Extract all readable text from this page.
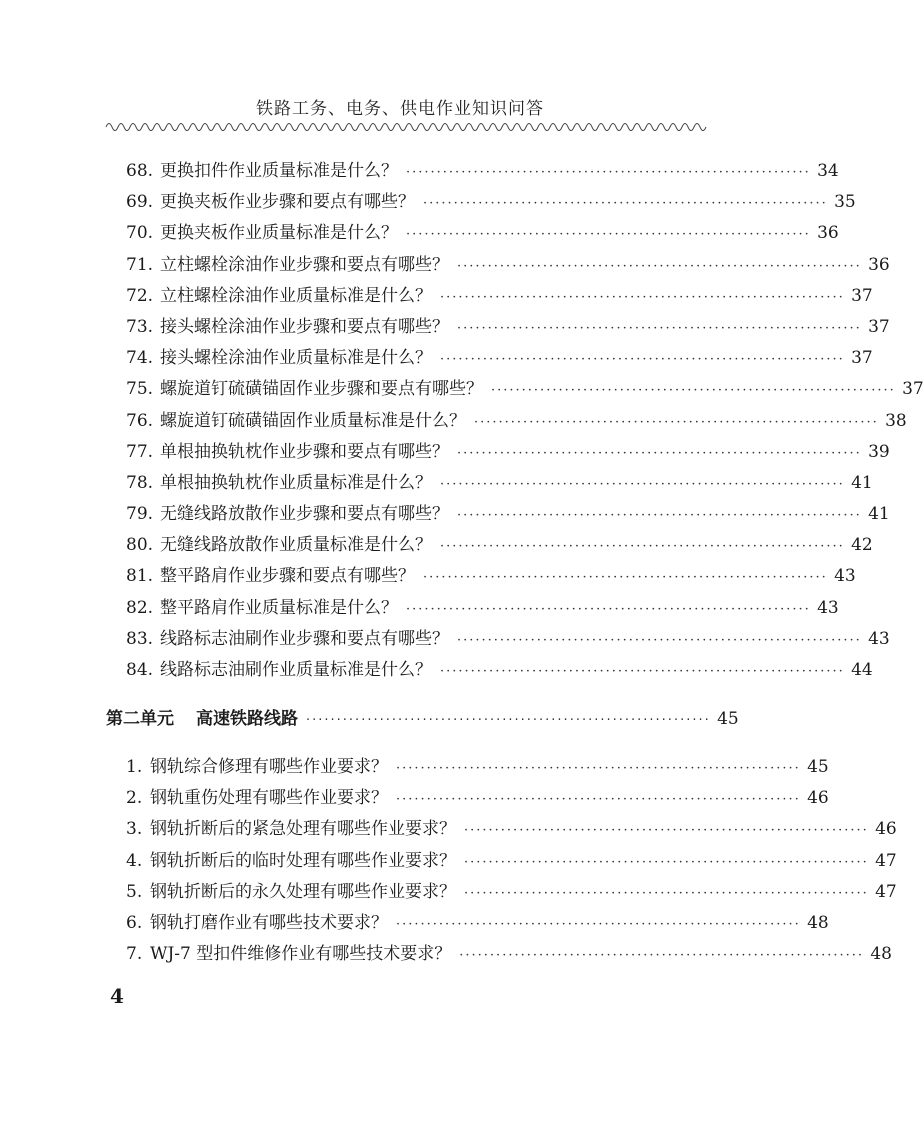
铁路工务、电务、供电作业知识问答
68. 更换扣件作业质量标准是什么？ ·································································· 34
69. 更换夹板作业步骤和要点有哪些？ ·································································· 35
70. 更换夹板作业质量标准是什么？ ·································································· 36
71. 立柱螺栓涂油作业步骤和要点有哪些？ ·································································· 36
72. 立柱螺栓涂油作业质量标准是什么？ ·································································· 37
73. 接头螺栓涂油作业步骤和要点有哪些？ ·································································· 37
74. 接头螺栓涂油作业质量标准是什么？ ·································································· 37
75. 螺旋道钉硫磺锚固作业步骤和要点有哪些？ ·································································· 37
76. 螺旋道钉硫磺锚固作业质量标准是什么？ ·································································· 38
77. 单根抽换轨枕作业步骤和要点有哪些？ ·································································· 39
78. 单根抽换轨枕作业质量标准是什么？ ·································································· 41
79. 无缝线路放散作业步骤和要点有哪些？ ·································································· 41
80. 无缝线路放散作业质量标准是什么？ ·································································· 42
81. 整平路肩作业步骤和要点有哪些？ ·································································· 43
82. 整平路肩作业质量标准是什么？ ·································································· 43
83. 线路标志油刷作业步骤和要点有哪些？ ·································································· 43
84. 线路标志油刷作业质量标准是什么？ ·································································· 44
第二单元 高速铁路线路 ·································································· 45
1. 钢轨综合修理有哪些作业要求？ ·································································· 45
2. 钢轨重伤处理有哪些作业要求？ ·································································· 46
3. 钢轨折断后的紧急处理有哪些作业要求？ ·································································· 46
4. 钢轨折断后的临时处理有哪些作业要求？ ·································································· 47
5. 钢轨折断后的永久处理有哪些作业要求？ ·································································· 47
6. 钢轨打磨作业有哪些技术要求？ ·································································· 48
7. WJ-7 型扣件维修作业有哪些技术要求？ ·································································· 48
4
